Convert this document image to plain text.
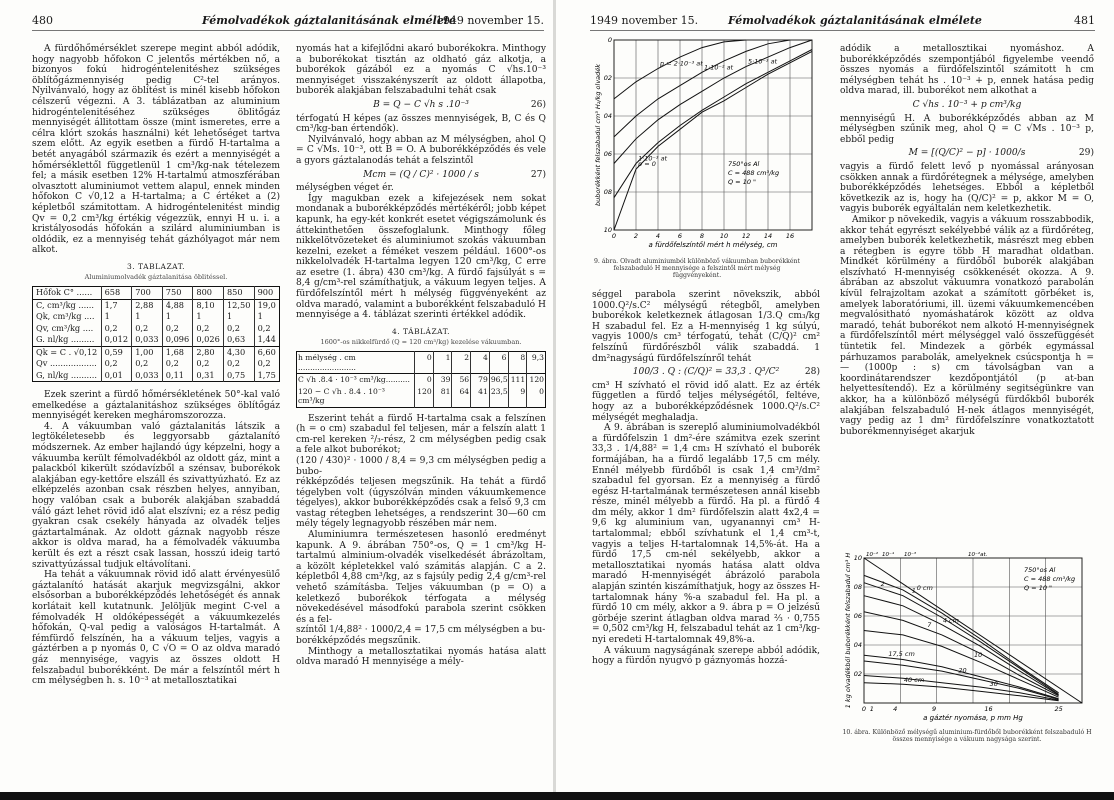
480	Fémolvadékok gáztalanitásának elmélete
1949 november 15.

A fürdőhőmérséklet szerepe megint abból adódik, hogy nagyobb hőfokon C jelentős mértékben nő, a bizonyos fokú hidrogéntelenitéshez szükséges öblítőgázmennyiség pedig C²-tel arányos. Nyilvánvaló, hogy az öblítést is minél kisebb hőfokon célszerű végezni. A 3. táblázatban az aluminium hidrogéntelenitéséhez szükséges öblitőgáz mennyiségét állitottam össze (mint ismeretes, erre a célra klórt szokás használni) két lehetőséget tartva szem előtt. Az egyik esetben a fürdő H-tartalma a betét anyagából származik és ezért a mennyiségét a hőmérséklettől függetlenül 1 cm³/kg-nak tételezem fel; a másik esetben 12% H-tartalmú atmoszférában olvasztott aluminiumot vettem alapul, ennek minden hőfokon C √0,12 a H-tartalma; a C értéket a (2) képletből számitottam. A hidrogéntelenitést mindig Qv = 0,2 cm³/kg értékig végezzük, ennyi H u. i. a kristályosodás hőfokán a szilárd aluminiumban is oldódik, ez a mennyiség tehát gázhólyagot már nem alkot.

3. TABLAZAT.
Aluminiumolvadék gáztalanitása öblitéssel.
Hőfok C° ......	658	700	750	800	850	900
C, cm³/kg ......	1,7	2,88	4,88	8,10	12,50	19,0
Qk, cm³/kg ....	1	1	1	1	1	1
Qv, cm³/kg ....	0,2	0,2	0,2	0,2	0,2	0,2
G. nl/kg .........	0,012	0,033	0,096	0,026	0,63	1,44
Qk = C . √0,12	0,59	1,00	1,68	2,80	4,30	6,60
Qv ..................	0,2	0,2	0,2	0,2	0,2	0,2
G, nl/kg ..........	0,01	0,033	0,11	0,31	0,75	1,75

Ezek szerint a fürdő hőmérsékletének 50°-kal való emelkedése a gáztalanitáshoz szükséges öblítőgáz mennyiségét kereken megháromszorozza.

4. A vákuumban való gáztalanitás látszik a legtökéletesebb és leggyorsabb gáztalanító módszernek. Az ember hajlandó úgy képzelni, hogy a vákuumba került fémolvadékból az oldott gáz, mint a palackból kikerült szódavízből a szénsav, buborékok alakjában egy-kettőre elszáll és szivattyúzható. Ez az elképzelés azonban csak részben helyes, annyiban, hogy valóban csak a buborék alakjában szabaddá váló gázt lehet rövid idő alat elszívni; ez a rész pedig gyakran csak csekély hányada az olvadék teljes gáztartalmának. Az oldott gáznak nagyobb része akkor is oldva marad, ha a fémolvadék vákuumba került és ezt a részt csak lassan, hosszú ideig tartó szivattyúzással tudjuk eltávolítani.

Ha tehát a vákuumnak rövid idő alatt érvényesülő gáztalanító hatását akarjuk megvizsgálni, akkor elsősorban a buborékképződés lehetőségét és annak korlátait kell kutatnunk. Jelöljük megint C-vel a fémolvadék H oldóképességét a vákuumkezelés hőfokán, Q-val pedig a valóságos H-tartalmát. A fémfürdő felszínén, ha a vákuum teljes, vagyis a gáztérben a p nyomás 0, C √O = O az oldva maradó gáz mennyisége, vagyis az összes oldott H felszabadul buborékként. De már a felszíntől mért h cm mélységben h. s. 10⁻³ at metallosztatikai

nyomás hat a kifejlődni akaró buborékokra. Minthogy a buborékokat tisztán az oldható gáz alkotja, a buborékok gázából ez a nyomás C √hs.10⁻³ mennyiséget visszakényszerít az oldott állapotba, buborék alakjában felszabadulni tehát csak

B = Q − C √h s .10⁻³	26)

térfogatú H képes (az összes mennyiségek, B, C és Q cm³/kg-ban értendők).

Nyilvánvaló, hogy abban az M mélységben, ahol Q = C √Ms. 10⁻³, ott B = O. A buborékképződés és vele a gyors gáztalanodás tehát a felszintől

Mcm = (Q / C)² · 1000 / s	27)

mélységben véget ér.

Így magukban ezek a kifejezések nem sokat mondanak a buborékképződés mértékéről; jobb képet kapunk, ha egy-két konkrét esetet végigszámolunk és áttekinthetően összefoglalunk. Minthogy főleg nikkelötvözeteket és aluminiumot szokás vákuumban kezelni, ezeket a féméket veszem például. 1600°-os nikkelolvadék H-tartalma legyen 120 cm³/kg, C erre az esetre (1. ábra) 430 cm³/kg. A fürdő fajsúlyát s = 8,4 g/cm³-rel számíthatjuk, a vákuum legyen teljes. A fürdőfelszíntől mért h mélység függvényeként az oldva maradó, valamint a buborékként felszabaduló H mennyisége a 4. táblázat szerinti értékkel adódik.

4. TÁBLÁZAT.
1600°-os nikkelfürdő (Q = 120 cm³/kg) kezelése vákuumban.
h mélység . cm ........................	0	1	2	4	6	8	9,3
C √h .8.4 · 10⁻³ cm³/kg..........	0	39	56	79	96,5	111	120
120 − C √h . 8.4 . 10⁻³ cm³/kg	120	81	64	41	23,5	9	0

Eszerint tehát a fürdő H-tartalma csak a felszínen (h = o cm) szabadul fel teljesen, már a felszín alatt 1 cm-rel kereken ²/₃-rész, 2 cm mélységben pedig csak a fele alkot buborékot;

(120 / 430)² · 1000 / 8,4 = 9,3 cm mélységben pedig a bubo-

rékképződés teljesen megszűnik. Ha tehát a fürdő tégelyben volt (úgyszólván minden vákuumkemence tégelyes), akkor buborékképződés csak a felső 9,3 cm vastag rétegben lehetséges, a rendszerint 30—60 cm mély tégely legnagyobb részében már nem.

Aluminiumra természetesen hasonló eredményt kapunk. A 9. ábrában 750°-os, Q = 1 cm³/kg H-tartalmú alminium-olvadék viselkedését ábrázoltam, a közölt képletekkel való számitás alapján. C a 2. képletből 4,88 cm³/kg, az s fajsúly pedig 2,4 g/cm³-rel vehető számításba. Teljes vákuumban (p = O) a keletkező buborékok térfogata a mélység növekedésével másodfokú parabola szerint csökken és a fel-

színtől 1/4,88² · 1000/2,4 = 17,5 cm mélységben a bu-

borékképződés megszűnik.

Minthogy a metallosztatikai nyomás hatása alatt oldva maradó H mennyisége a mély-

1949 november 15.	Fémolvadékok gáztalanitásának elmélete	481
p = 2·10⁻³ at 1·10⁻² at
5·10⁻³ at
1·10⁻³ at
p = 0
0	2	4	6	8 10 12 14 16
0
02
04
06
08
10
a fürdőfelszíntől mért h mélység, cm
buborékként felszabadul cm³ H₂/kg olvadék	750°os Al
C = 488 cm³/kg
Q = 10 "
9. ábra. Olvadt aluminiumból különböző vákuumban buborékként felszabaduló H mennyisége a felszintől mért mélység függvényeként.

séggel parabola szerint növekszik, abból 1000.Q²/s.C² mélységű rétegből, amelyben buborékok keletkeznek átlagosan 1/3.Q cm₃/kg H szabadul fel. Ez a H-mennyiség 1 kg súlyú, vagyis 1000/s cm³ térfogatú, tehát (C/Q)² cm² felszínű fürdőrészből válik szabaddá. 1 dm²nagyságú fürdőfelszínről tehát

100/3 . Q : (C/Q)² = 33,3 . Q³/C²	28)

cm³ H szívható el rövid idő alatt. Ez az érték független a fürdő teljes mélységétől, feltéve, hogy az a buborékképződésnek 1000.Q²/s.C² mélységét meghaladja.

A 9. ábrában is szereplő aluminiumolvadékból a fürdőfelszin 1 dm²-ére számitva ezek szerint 33,3 . 1/4,88² = 1,4 cm₃ H szívható el buborék formájában, ha a fürdő legalább 17,5 cm mély. Ennél mélyebb fürdőből is csak 1,4 cm³/dm² szabadul fel gyorsan. Ez a mennyiség a fürdő egész H-tartalmának természetesen annál kisebb része, minél mélyebb a fürdő. Ha pl. a fürdő 4 dm mély, akkor 1 dm² fürdőfelszin alatt 4x2,4 = 9,6 kg aluminium van, ugyanannyi cm³ H-tartalommal; ebből szívhatunk el 1,4 cm³-t, vagyis a teljes H-tartalomnak 14,5%-át. Ha a fürdő 17,5 cm-nél sekélyebb, akkor a metallosztatikai nyomás hatása alatt oldva maradó H-mennyiségét ábrázoló parabola alapján szintén kiszámíthatjuk, hogy az összes H-tartalomnak hány %-a szabadul fel. Ha pl. a fürdő 10 cm mély, akkor a 9. ábra p = O jelzésű görbéje szerint átlagban oldva marad ⅔ · 0,755 = 0,502 cm³/kg H, felszabadul tehát az 1 cm³/kg-nyi eredeti H-tartalomnak 49,8%-a.

A vákuum nagyságának szerepe abból adódik, hogy a fürdőn nyugvó p gáznyomás hozzá-

adódik a metallosztikai nyomáshoz. A buborékképződés szempontjából figyelembe veendő összes nyomás a fürdőfelszintől számitott h cm mélységben tehát hs . 10⁻³ + p, ennek hatása pedig oldva marad, ill. buborékot nem alkothat a

C √hs . 10⁻³ + p cm³/kg

mennyiségű H. A buborékképződés abban az M mélységben szűnik meg, ahol Q = C √Ms . 10⁻³ p, ebből pedig

M = [(Q/C)² − p] · 1000/s	29)

vagyis a fürdő felett levő p nyomással arányosan csökken annak a fürdőrétegnek a mélysége, amelyben buborékképződés lehetséges. Ebből a képletből következik az is, hogy ha (Q/C)² = p, akkor M = O, vagyis buborék egyáltalán nem keletkezhetik.

Amikor p növekedik, vagyis a vákuum rosszabbodik, akkor tehát egyrészt sekélyebbé válik az a fürdőréteg, amelyben buborék keletkezhetik, másrészt meg ebben a rétegben is egyre több H maradhat oldatban. Mindkét körülmény a fürdőből buborék alakjában elszívható H-mennyiség csökkenését okozza. A 9. ábrában az abszolut vákuumra vonatkozó parabolán kívül felrajzoltam azokat a számított görbéket is, amelyek laboratóriumi, ill. üzemi vákuumkemencében megvalósitható nyomáshatárok között az oldva maradó, tehát buborékot nem alkotó H-mennyiségnek a fürdőfelszíntől mért mélységgel való összefüggését tüntetik fel. Mindezek a görbék egymással párhuzamos parabolák, amelyeknek csúcspontja h = — (1000p : s) cm távolságban van a koordinátarendszer kezdőpontjától (p at-ban helyettesítendő). Ez a körülmény segitségünkre van akkor, ha a különböző mélységű fürdőkből buborék alakjában felszabaduló H-nek átlagos mennyiségét, vagy pedig az 1 dm² fürdőfelszínre vonatkoztatott buborékmennyiséget akarjuk

0 cm
1
2
4 cm
7
10
17,5 cm
20
30
40 cm
0 1	4	9	16	25
02
04
06
08
10
a gáztér nyomása, p mm Hg
1 kg olvadékból buborékként felszabadul cm³ H	750°os Al
C = 488 cm³/kg
Q = 10 "
10⁻² 10⁻⁴ 10⁻³	10⁻²at.
10. ábra. Különböző mélységű aluminium-fürdőből buborékként felszabaduló H összes mennyisége a vákuum nagysága szerint.
